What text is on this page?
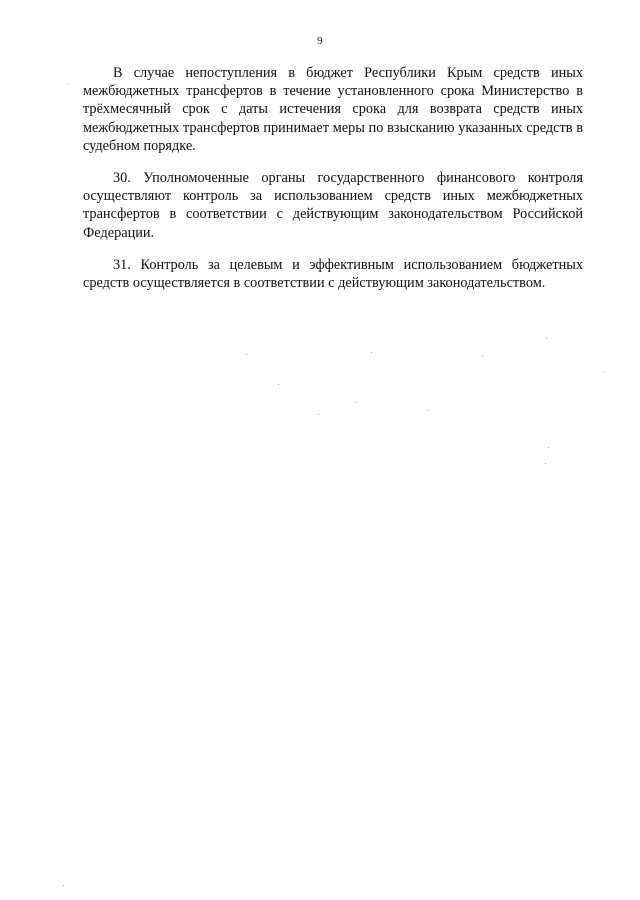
9

В случае непоступления в бюджет Республики Крым средств иных межбюджетных трансфертов в течение установленного срока Министерство в трёхмесячный срок с даты истечения срока для возврата средств иных межбюджетных трансфертов принимает меры по взысканию указанных средств в судебном порядке.

30. Уполномоченные органы государственного финансового контроля осуществляют контроль за использованием средств иных межбюджетных трансфертов в соответствии с действующим законодательством Российской Федерации.

31. Контроль за целевым и эффективным использованием бюджетных средств осуществляется в соответствии с действующим законодательством.
